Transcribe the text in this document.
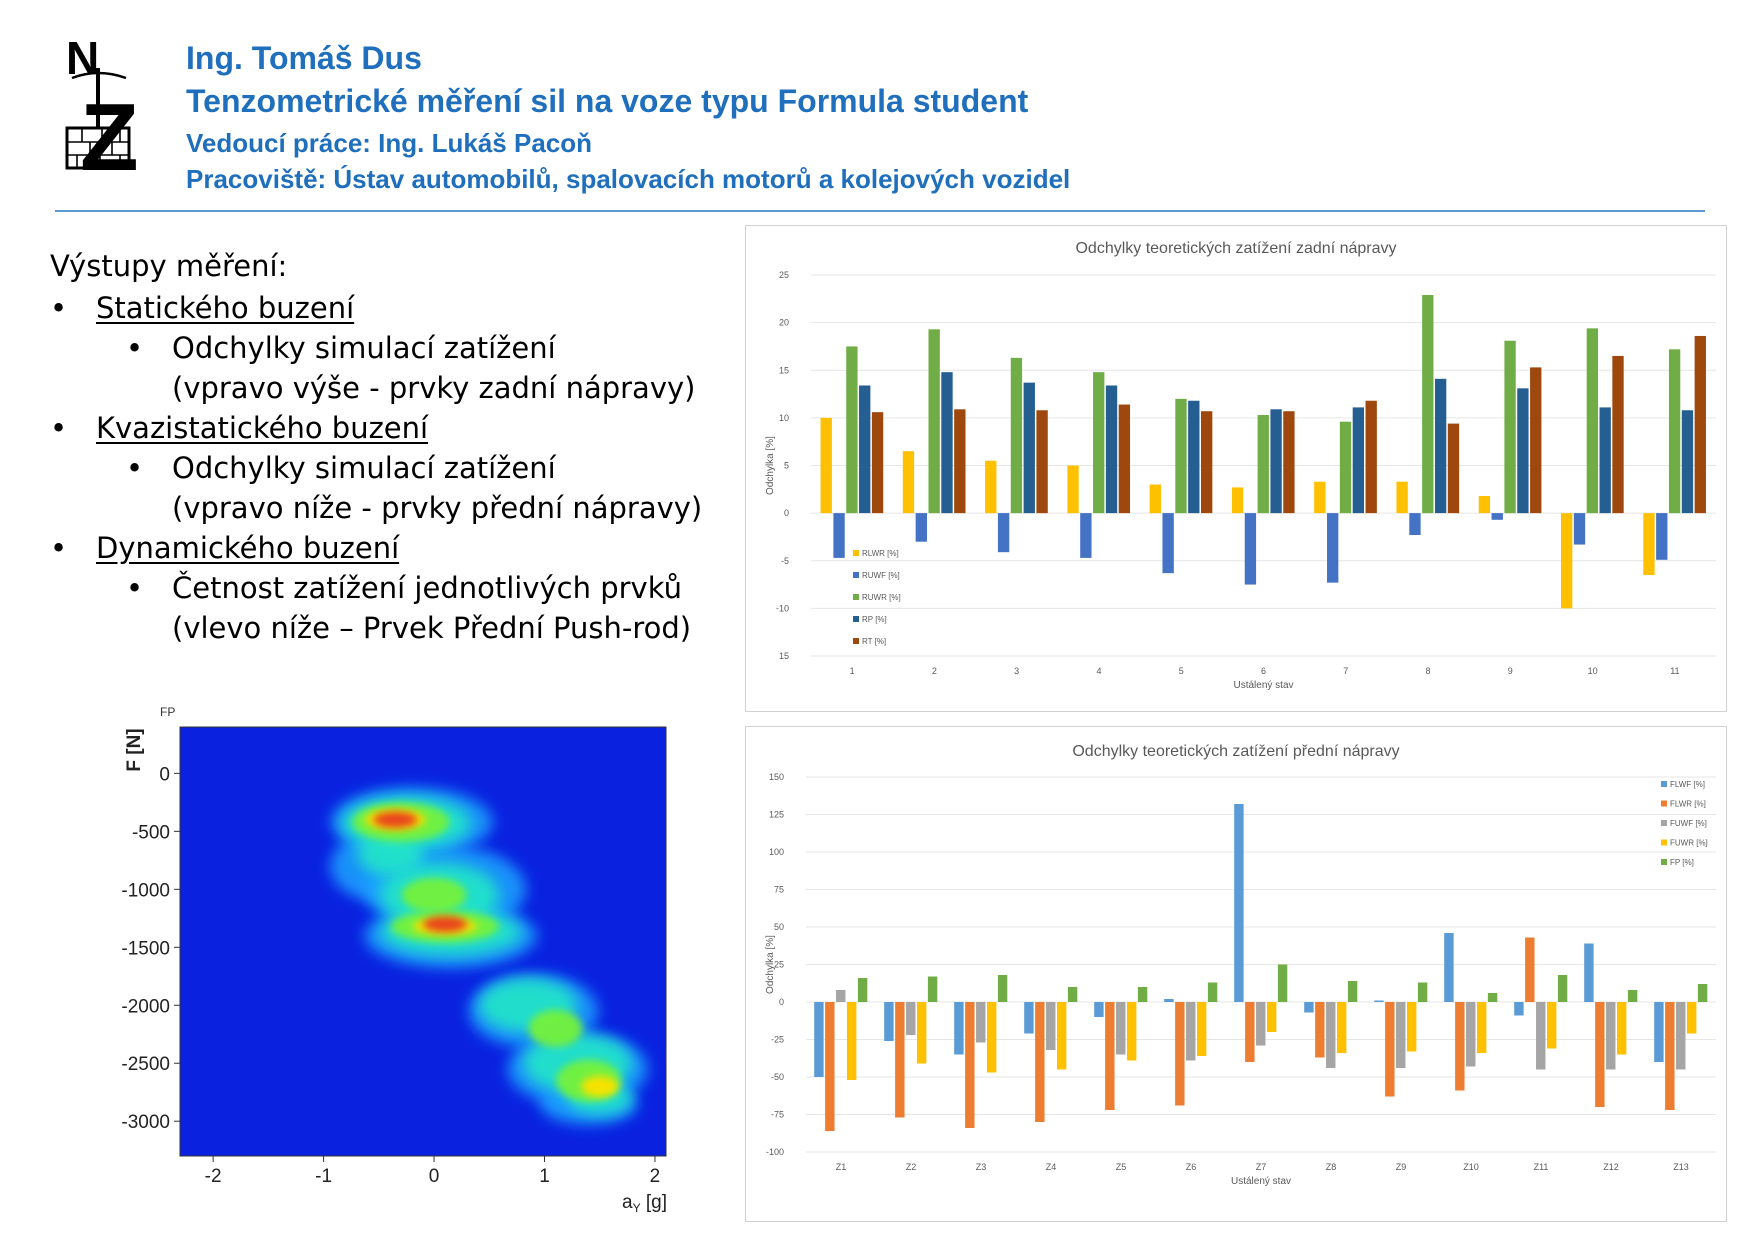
N
Z
Ing. Tomáš Dus
Tenzometrické měření sil na voze typu Formula student
Vedoucí práce: Ing. Lukáš Pacoň
Pracoviště: Ústav automobilů, spalovacích motorů a kolejových vozidel
Výstupy měření:
• Statického buzení
• Odchylky simulací zatížení
(vpravo výše - prvky zadní nápravy)
• Kvazistatického buzení
• Odchylky simulací zatížení
(vpravo níže - prvky přední nápravy)
• Dynamického buzení
• Četnost zatížení jednotlivých prvků
(vlevo níže – Prvek Přední Push-rod)
Odchylky teoretických zatížení zadní nápravy
25
20
15
10
5
0
-5
-10
15
1	2	3	4	5	6	7	8	9	10	11
Ustálený stav
Odchylka [%]
RLWR [%]
RUWF [%]
RUWR [%]
RP [%]
RT [%]
Odchylky teoretických zatížení přední nápravy
150
125
100
75
50
25
0
-25
-50
-75
-100
Z1	Z2	Z3	Z4	Z5	Z6	Z7	Z8	Z9	Z10	Z11	Z12	Z13
Ustálený stav
Odchylka [%]
FLWF [%]
FLWR [%]
FUWF [%]
FUWR [%]
FP [%]
FP
0
-500
-1000
-1500
-2000
-2500
-3000
-2	-1	0	1	2
F [N]
$a_Y$ [g]
